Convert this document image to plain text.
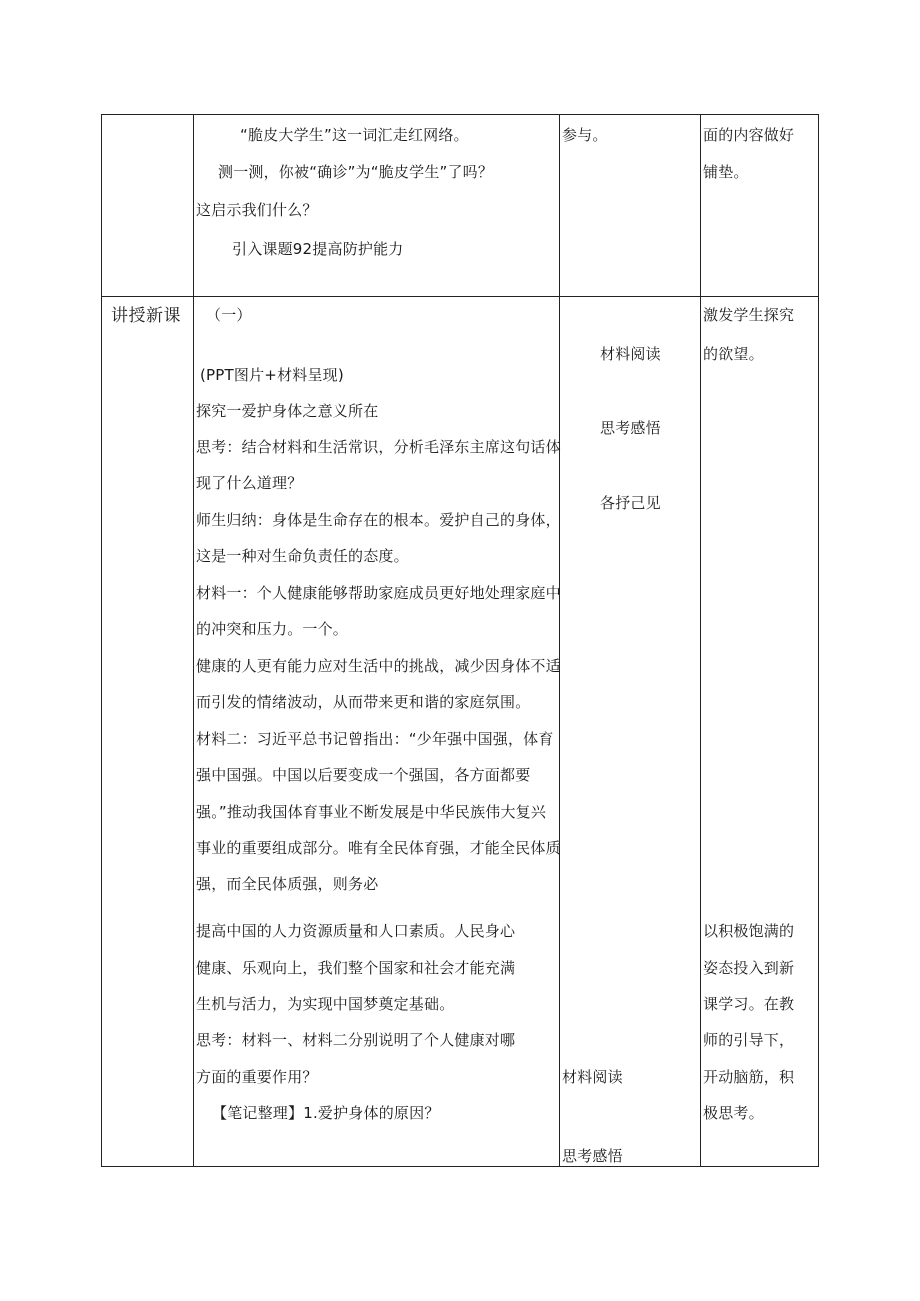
“脆皮大学生”这一词汇走红网络。
测一测，你被“确诊”为“脆皮学生”了吗？
这启示我们什么？
引入课题92提高防护能力
参与。	面的内容做好
铺垫。
讲授新课 （一）
(PPT图片+材料呈现)
探究一爱护身体之意义所在
思考：结合材料和生活常识，分析毛泽东主席这句话体
现了什么道理？
师生归纳：身体是生命存在的根本。爱护自己的身体，
这是一种对生命负责任的态度。
材料一：个人健康能够帮助家庭成员更好地处理家庭中
的冲突和压力。一个。
健康的人更有能力应对生活中的挑战，减少因身体不适
而引发的情绪波动，从而带来更和谐的家庭氛围。
材料二：习近平总书记曾指出：“少年强中国强，体育
强中国强。中国以后要变成一个强国，各方面都要
强。”推动我国体育事业不断发展是中华民族伟大复兴
事业的重要组成部分。唯有全民体育强，才能全民体质
强，而全民体质强，则务必
提高中国的人力资源质量和人口素质。人民身心
健康、乐观向上，我们整个国家和社会才能充满
生机与活力，为实现中国梦奠定基础。
思考：材料一、材料二分别说明了个人健康对哪
方面的重要作用？
【笔记整理】1.爱护身体的原因？
材料阅读
思考感悟
各抒己见
材料阅读
思考感悟
激发学生探究
的欲望。
以积极饱满的
姿态投入到新
课学习。在教
师的引导下，
开动脑筋，积
极思考。
